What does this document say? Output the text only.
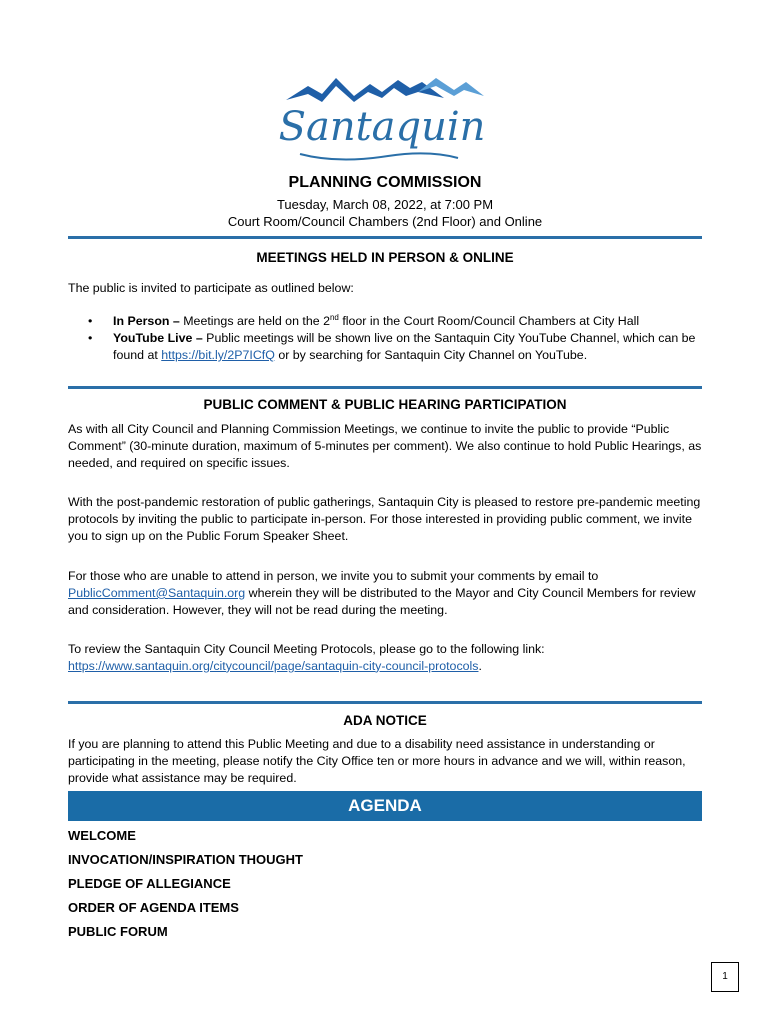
Santaquin
PLANNING COMMISSION
Tuesday, March 08, 2022, at 7:00 PM
Court Room/Council Chambers (2nd Floor) and Online
MEETINGS HELD IN PERSON & ONLINE
The public is invited to participate as outlined below:
• In Person – Meetings are held on the 2nd floor in the Court Room/Council Chambers at City Hall
• YouTube Live – Public meetings will be shown live on the Santaquin City YouTube Channel, which can be found at https://bit.ly/2P7ICfQ or by searching for Santaquin City Channel on YouTube.
PUBLIC COMMENT & PUBLIC HEARING PARTICIPATION
As with all City Council and Planning Commission Meetings, we continue to invite the public to provide “Public Comment” (30-minute duration, maximum of 5-minutes per comment). We also continue to hold Public Hearings, as needed, and required on specific issues.
With the post-pandemic restoration of public gatherings, Santaquin City is pleased to restore pre-pandemic meeting protocols by inviting the public to participate in-person. For those interested in providing public comment, we invite you to sign up on the Public Forum Speaker Sheet.
For those who are unable to attend in person, we invite you to submit your comments by email to PublicComment@Santaquin.org wherein they will be distributed to the Mayor and City Council Members for review and consideration. However, they will not be read during the meeting.
To review the Santaquin City Council Meeting Protocols, please go to the following link:
https://www.santaquin.org/citycouncil/page/santaquin-city-council-protocols.
ADA NOTICE
If you are planning to attend this Public Meeting and due to a disability need assistance in understanding or participating in the meeting, please notify the City Office ten or more hours in advance and we will, within reason, provide what assistance may be required.
AGENDA
WELCOME
INVOCATION/INSPIRATION THOUGHT
PLEDGE OF ALLEGIANCE
ORDER OF AGENDA ITEMS
PUBLIC FORUM
1
